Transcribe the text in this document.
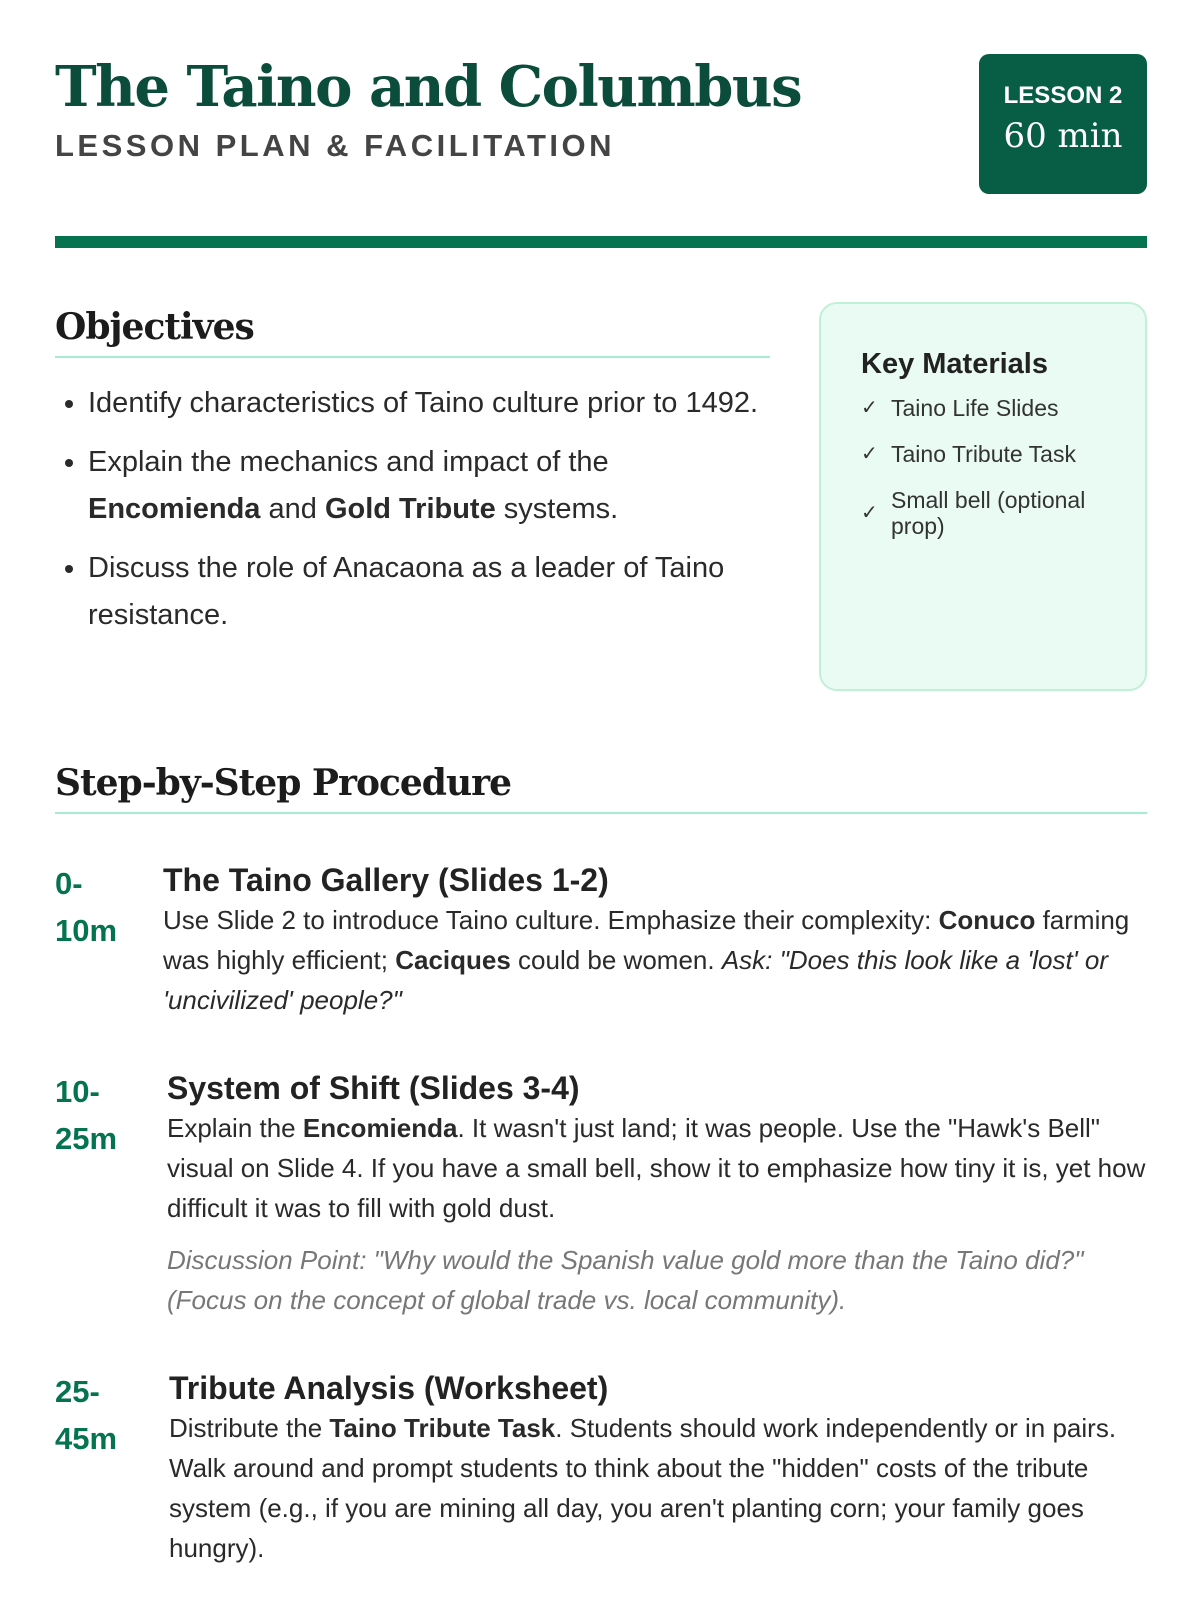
The Taino and Columbus
LESSON PLAN & FACILITATION
LESSON 2
60 min
Objectives
• Identify characteristics of Taino culture prior to 1492.
• Explain the mechanics and impact of the Encomienda and Gold Tribute systems.
• Discuss the role of Anacaona as a leader of Taino resistance.
Key Materials
✓ Taino Life Slides
✓ Taino Tribute Task
✓ Small bell (optional prop)
Step-by-Step Procedure
0-
10m
The Taino Gallery (Slides 1-2)
Use Slide 2 to introduce Taino culture. Emphasize their complexity: Conuco farming was highly efficient; Caciques could be women. Ask: "Does this look like a 'lost' or 'uncivilized' people?"
10-
25m
System of Shift (Slides 3-4)
Explain the Encomienda. It wasn't just land; it was people. Use the "Hawk's Bell" visual on Slide 4. If you have a small bell, show it to emphasize how tiny it is, yet how difficult it was to fill with gold dust.
Discussion Point: "Why would the Spanish value gold more than the Taino did?" (Focus on the concept of global trade vs. local community).
25-
45m
Tribute Analysis (Worksheet)
Distribute the Taino Tribute Task. Students should work independently or in pairs. Walk around and prompt students to think about the "hidden" costs of the tribute system (e.g., if you are mining all day, you aren't planting corn; your family goes hungry).
